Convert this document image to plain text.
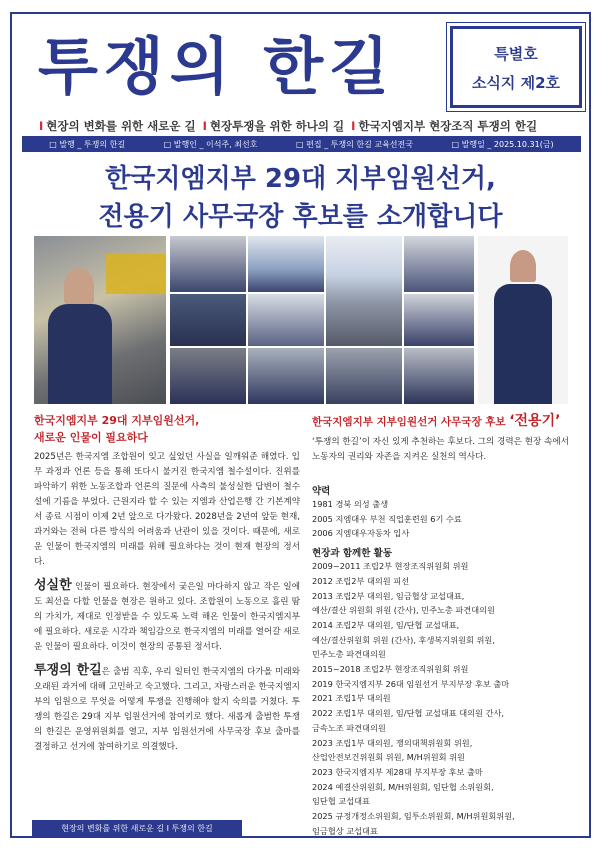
투쟁의 한길	특별호
소식지 제2호
I 현장의 변화를 위한 새로운 길 I 현장투쟁을 위한 하나의 길 I 한국지엠지부 현장조직 투쟁의 한길
□ 발행 _ 투쟁의 한길	□ 발행인 _ 이석주, 최선호	□ 편집 _ 투쟁의 한길 교육선전국	□ 발행일 _ 2025.10.31(금)
한국지엠지부 29대 지부임원선거,
전용기 사무국장 후보를 소개합니다
한국지엠지부 29대 지부임원선거,
새로운 인물이 필요하다

2025년은 한국지엠 조합원이 잊고 싶었던 사실을 일깨워준 해였다. 입무 과정과 언론 등을 통해 또다시 불거진 한국지엠 철수설이다. 진위를 파악하기 위한 노동조합과 언론의 질문에 사측의 불성실한 답변이 철수설에 기름을 부었다. 근원지라 할 수 있는 지엠과 산업은행 간 기본계약서 종료 시점이 이제 2년 앞으로 다가왔다. 2028년을 2년여 앞둔 현재, 과거와는 전혀 다른 방식의 어려움과 난관이 있을 것이다. 때문에, 새로운 인물이 한국지엠의 미래를 위해 필요하다는 것이 현재 현장의 정서다.

성실한 인물이 필요하다. 현장에서 궂은일 마다하지 않고 작은 일에도 최선을 다할 인물을 현장은 원하고 있다. 조합원이 노동으로 흘린 땀의 가치가, 제대로 인정받을 수 있도록 노력 해온 인물이 한국지엠지부에 필요하다. 새로운 시각과 책임감으로 한국지엠의 미래를 열어갈 새로운 인물이 필요하다. 이것이 현장의 공통된 정서다.

투쟁의 한길은 출범 직후, 우리 일터인 한국지엠의 다가올 미래와 오래된 과거에 대해 고민하고 숙고했다. 그리고, 자랑스러운 한국지엠지부의 임원으로 무엇을 어떻게 투쟁을 진행해야 할지 숙의를 거쳤다. 투쟁의 한길은 29대 지부 임원선거에 참여키로 했다. 새롭게 출범한 투쟁의 한길은 운영위원회를 열고, 지부 임원선거에 사무국장 후보 출마를 결정하고 선거에 참여하기로 의결했다.

한국지엠지부 지부임원선거 사무국장 후보 ‘전용기’

‘투쟁의 한길’이 자신 있게 추천하는 후보다. 그의 경력은 현장 속에서 노동자의 권리와 자존을 지켜온 실천의 역사다.

약력
1981 경북 의성 출생
2005 지엠대우 부천 직업훈련원 6기 수료
2006 지엠대우자동차 입사
현장과 함께한 활동
2009~2011 조립2부 현장조직위원회 위원
2012 조립2부 대의원 피선
2013 조립2부 대의원, 임금협상 교섭대표,
예산/결산 위원회 위원 (간사), 민주노총 파견대의원
2014 조립2부 대의원, 임/단협 교섭대표,
예산/결산위원회 위원 (간사), 후생복지위원회 위원,
민주노총 파견대의원
2015~2018 조립2부 현장조직위원회 위원
2019 한국지엠지부 26대 임원선거 부지부장 후보 출마
2021 조립1부 대의원
2022 조립1부 대의원, 임/단협 교섭대표 대의원 간사,
금속노조 파견대의원
2023 조립1부 대의원, 쟁의대책위원회 위원,
산업안전보건위원회 위원, M/H위원회 위원
2023 한국지엠지부 제28대 부지부장 후보 출마
2024 예결산위원회, M/H위원회, 임단협 소위원회,
임단협 교섭대표
2025 규정개정소위원회, 임투소위원회, M/H위원회위원,
임금협상 교섭대표
현장의 변화를 위한 새로운 길 I 투쟁의 한길
